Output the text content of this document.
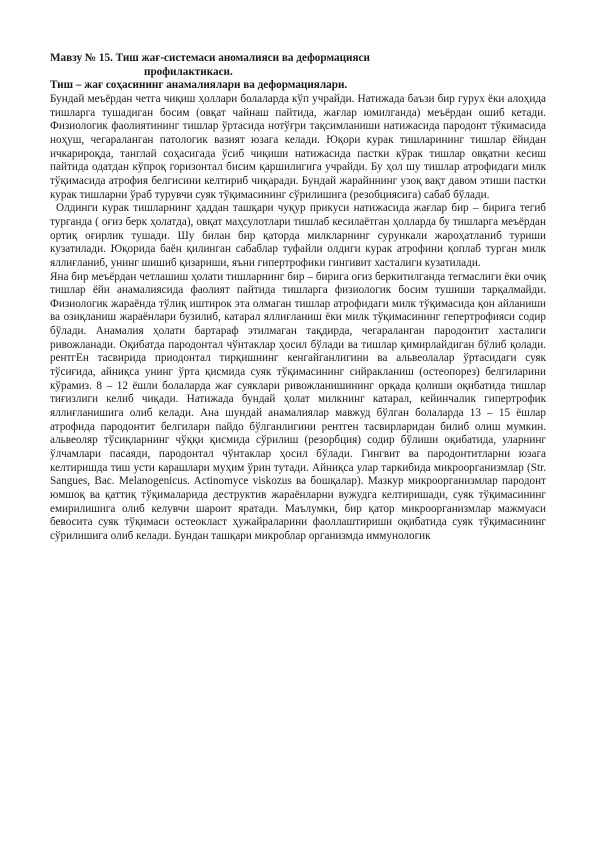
Мавзу № 15. Тиш жағ-системаси аномалияси ва деформацияси
профилактикаси.
Тиш – жағ соҳасининг анамалиялари ва деформациялари.

Бундай меъёрдан четга чиқиш ҳоллари болаларда кўп учрайди. Натижада баъзи бир гурух ёки алоҳида тишларга тушадиган босим (овқат чайнаш пайтида, жағлар юмилганда) меъёрдан ошиб кетади. Физиологик фаолиятининг тишлар ўртасида нотўғри тақсимланиши натижасида пародонт тўкимасида ноҳуш, чегараланган патологик вазият юзага келади. Юқори курак тишларининг тишлар ёйидан ичкарироқда, танглай соҳасигада ўсиб чиқиши натижасида пастки кўрак тишлар овқатни кесиш пайтида одатдан кўпроқ горизонтал бисим қаршилигига учрайди. Бу ҳол шу тишлар атрофидаги милк тўқимасида атрофия белгисини келтириб чиқаради. Бундай жарайннинг узоқ вақт давом этиши пастки курак тишларни ўраб турувчи суяк тўқимасининг сўрилишига (резобциясига) сабаб бўлади.

Олдинги курак тишларнинг ҳаддан ташқари чуқур прикуси натижасида жағлар бир – бирига тегиб турганда ( оғиз берк ҳолатда), овқат маҳсулотлари тишлаб кесилаётган ҳолларда бу тишларга меъёрдан ортиқ оғирлик тушади. Шу билан бир қаторда милкларнинг сурункали жароҳатланиб туриши кузатилади. Юқорида баён қилинган сабаблар туфайли олдиги курак атрофини қоплаб турган милк яллиғланиб, унинг шишиб қизариши, яъни гипертрофики гингивит хасталиги кузатилади.

Яна бир меъёрдан четлашиш ҳолати тишларнинг бир – бирига оғиз беркитилганда тегмаслиги ёки очиқ тишлар ёйи анамалиясида фаолият пайтида тишларга физиологик босим тушиши тарқалмайди. Физиологик жараёнда тўлиқ иштирок эта олмаган тишлар атрофидаги милк тўқимасида қон айланиши ва озиқланиш жараёнлари бузилиб, катарал яллиғланиш ёки милк тўқимасининг гепертрофияси содир бўлади. Анамалия ҳолати бартараф этилмаган тақдирда, чегараланган пародонтит хасталиги ривожланади. Оқибатда пародонтал чўнтаклар ҳосил бўлади ва тишлар қимирлайдиган бўлиб қолади. рентгЕн тасвирида приодонтал тирқишнинг кенгайганлигини ва альвеолалар ўртасидаги суяк тўсиғида, айниқса унинг ўрта қисмида суяк тўқимасининг сийракланиш (остеопорез) белгиларини кўрамиз. 8 – 12 ёшли болаларда жағ суяклари ривожланишининг орқада қолиши оқибатида тишлар тиғизлиги келиб чиқади. Натижада бундай ҳолат милкнинг катарал, кейинчалик гипертрофик яллиғланишига олиб келади. Ана шундай анамалиялар мавжуд бўлган болаларда 13 – 15 ёшлар атрофида пародонтит белгилари пайдо бўлганлигини рентген тасвирларидан билиб олиш мумкин. альвеоляр тўсиқларнинг чўққи қисмида сўрилиш (резорбция) содир бўлиши оқибатида, уларнинг ўлчамлари пасаяди, пародонтал чўнтаклар ҳосил бўлади. Гингвит ва пародонтитларни юзага келтиришда тиш усти карашлари муҳим ўрин тутади. Айниқса улар таркибида микроорганизмлар (Str. Sangues, Bac. Melanogenicus. Actinomyce viskozus ва бошқалар). Мазкур микроорганизмлар пародонт юмшоқ ва қаттиқ тўқималарида деструктив жараёнларни вужудга келтиришади, суяк тўқимасининг емирилишига олиб келувчи шароит яратади. Маълумки, бир қатор микроорганизмлар мажмуаси бевосита суяк тўқимаси остеокласт ҳужайраларини фаоллаштириши оқибатида суяк тўқимасининг сўрилишига олиб келади. Бундан ташқари микроблар организмда иммунологик
